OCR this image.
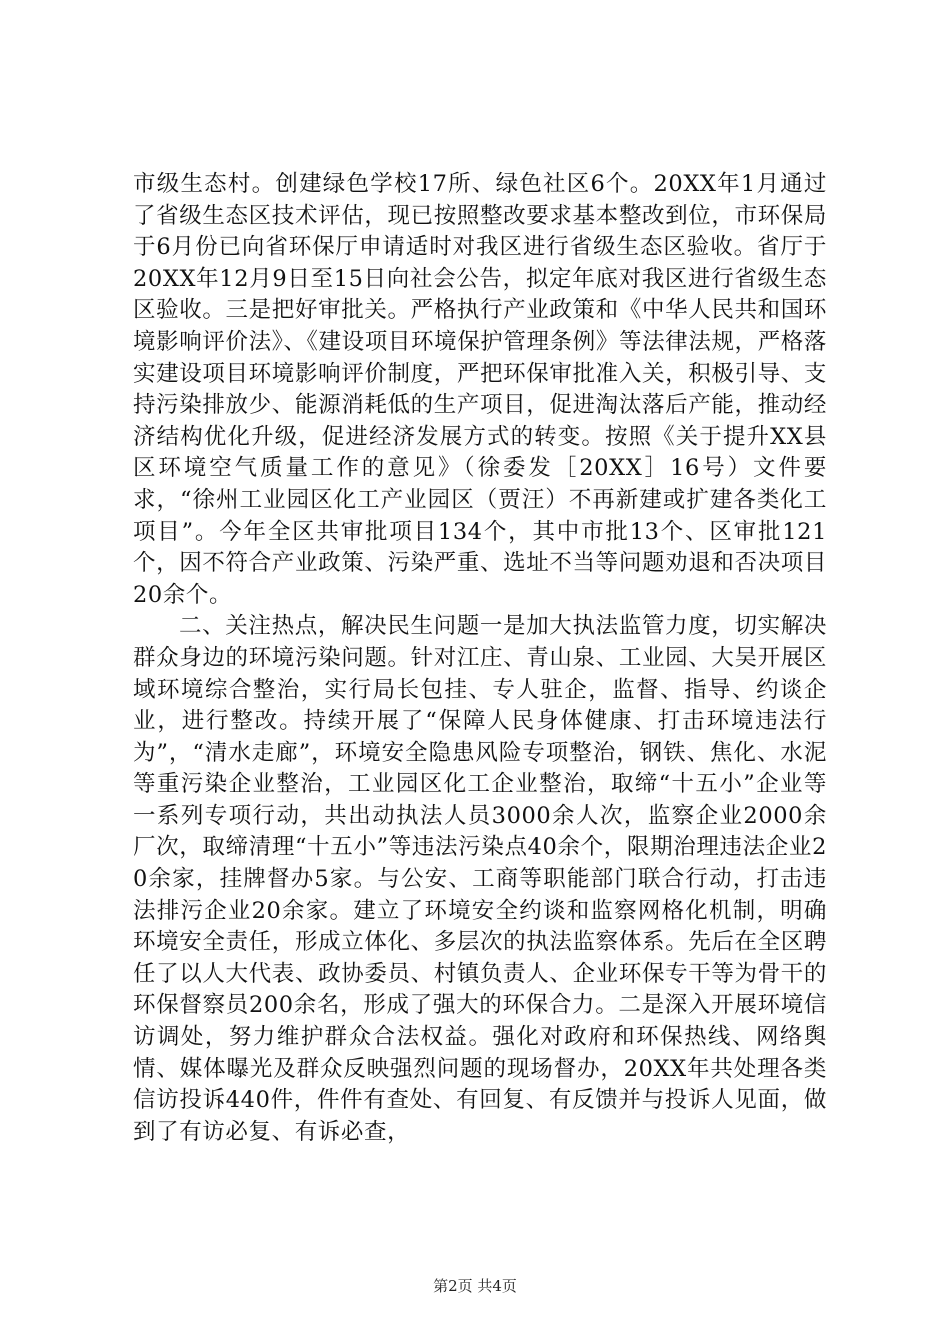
市级生态村。创建绿色学校17所、绿色社区6个。20XX年1月通过了省级生态区技术评估，现已按照整改要求基本整改到位，市环保局于6月份已向省环保厅申请适时对我区进行省级生态区验收。省厅于20XX年12月9日至15日向社会公告，拟定年底对我区进行省级生态区验收。三是把好审批关。严格执行产业政策和《中华人民共和国环境影响评价法》、《建设项目环境保护管理条例》等法律法规，严格落实建设项目环境影响评价制度，严把环保审批准入关，积极引导、支持污染排放少、能源消耗低的生产项目，促进淘汰落后产能，推动经济结构优化升级，促进经济发展方式的转变。按照《关于提升XX县区环境空气质量工作的意见》（徐委发［20XX］16号）文件要求，“徐州工业园区化工产业园区（贾汪）不再新建或扩建各类化工项目”。今年全区共审批项目134个，其中市批13个、区审批121个，因不符合产业政策、污染严重、选址不当等问题劝退和否决项目20余个。

二、关注热点，解决民生问题一是加大执法监管力度，切实解决群众身边的环境污染问题。针对江庄、青山泉、工业园、大吴开展区域环境综合整治，实行局长包挂、专人驻企，监督、指导、约谈企业，进行整改。持续开展了“保障人民身体健康、打击环境违法行为”，“清水走廊”，环境安全隐患风险专项整治，钢铁、焦化、水泥等重污染企业整治，工业园区化工企业整治，取缔“十五小”企业等一系列专项行动，共出动执法人员3000余人次，监察企业2000余厂次，取缔清理“十五小”等违法污染点40余个，限期治理违法企业20余家，挂牌督办5家。与公安、工商等职能部门联合行动，打击违法排污企业20余家。建立了环境安全约谈和监察网格化机制，明确环境安全责任，形成立体化、多层次的执法监察体系。先后在全区聘任了以人大代表、政协委员、村镇负责人、企业环保专干等为骨干的环保督察员200余名，形成了强大的环保合力。二是深入开展环境信访调处，努力维护群众合法权益。强化对政府和环保热线、网络舆情、媒体曝光及群众反映强烈问题的现场督办，20XX年共处理各类信访投诉440件，件件有查处、有回复、有反馈并与投诉人见面，做到了有访必复、有诉必查，

第2页 共4页
